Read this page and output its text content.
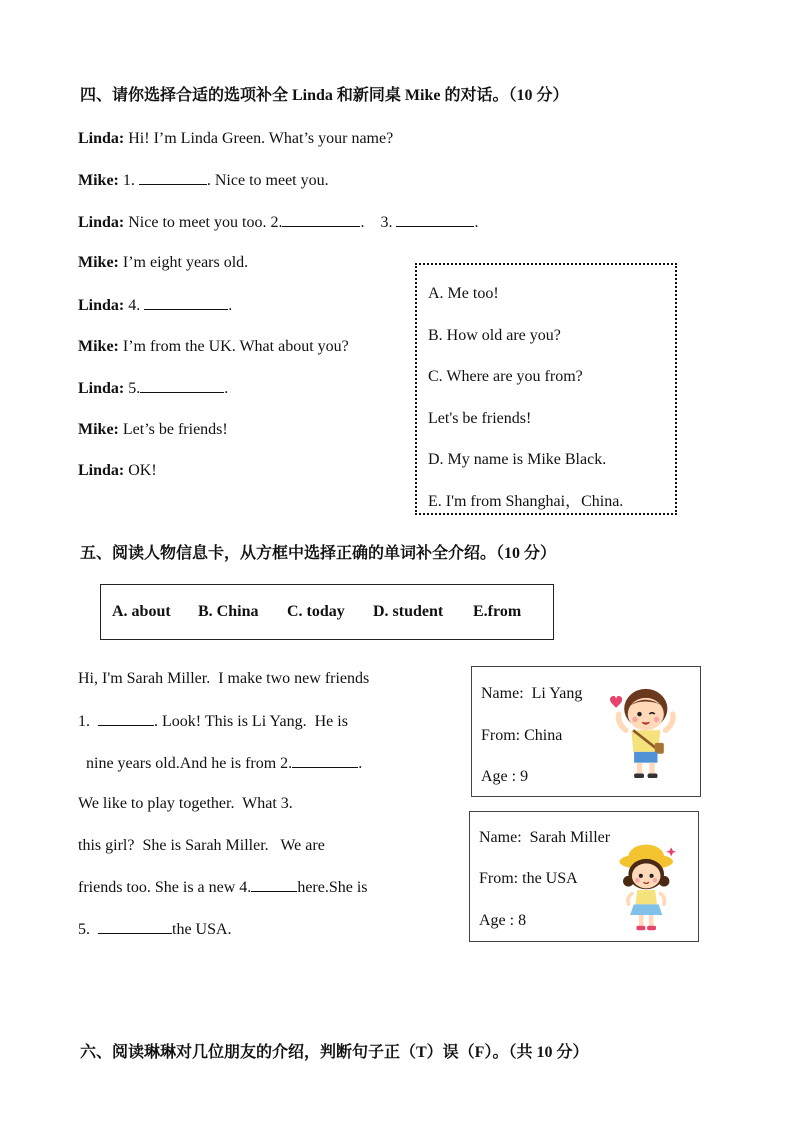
四、请你选择合适的选项补全 Linda 和新同桌 Mike 的对话。（10 分）
Linda: Hi! I’m Linda Green. What’s your name?
Mike: 1.	. Nice to meet you.
Linda: Nice to meet you too. 2.	.    3.	.
Mike: I’m eight years old.
Linda: 4.	.
Mike: I’m from the UK. What about you?
Linda: 5.	.
Mike: Let’s be friends!
Linda: OK!
A. Me too!
B. How old are you?
C. Where are you from?
Let's be friends!
D. My name is Mike Black.
E. I'm from Shanghai，China.
五、阅读人物信息卡，从方框中选择正确的单词补全介绍。（10 分）
A. about B. China C. today D. student E.from
Hi, I'm Sarah Miller.  I make two new friends
1.	. Look! This is Li Yang.  He is
nine years old.And he is from 2.	.
We like to play together.  What 3.
this girl?  She is Sarah Miller.   We are
friends too. She is a new 4.	here.She is
5.	the USA.
Name:  Li Yang
From: China
Age : 9
Name:  Sarah Miller
From: the USA
Age : 8
六、阅读琳琳对几位朋友的介绍，判断句子正（T）误（F）。（共 10 分）
